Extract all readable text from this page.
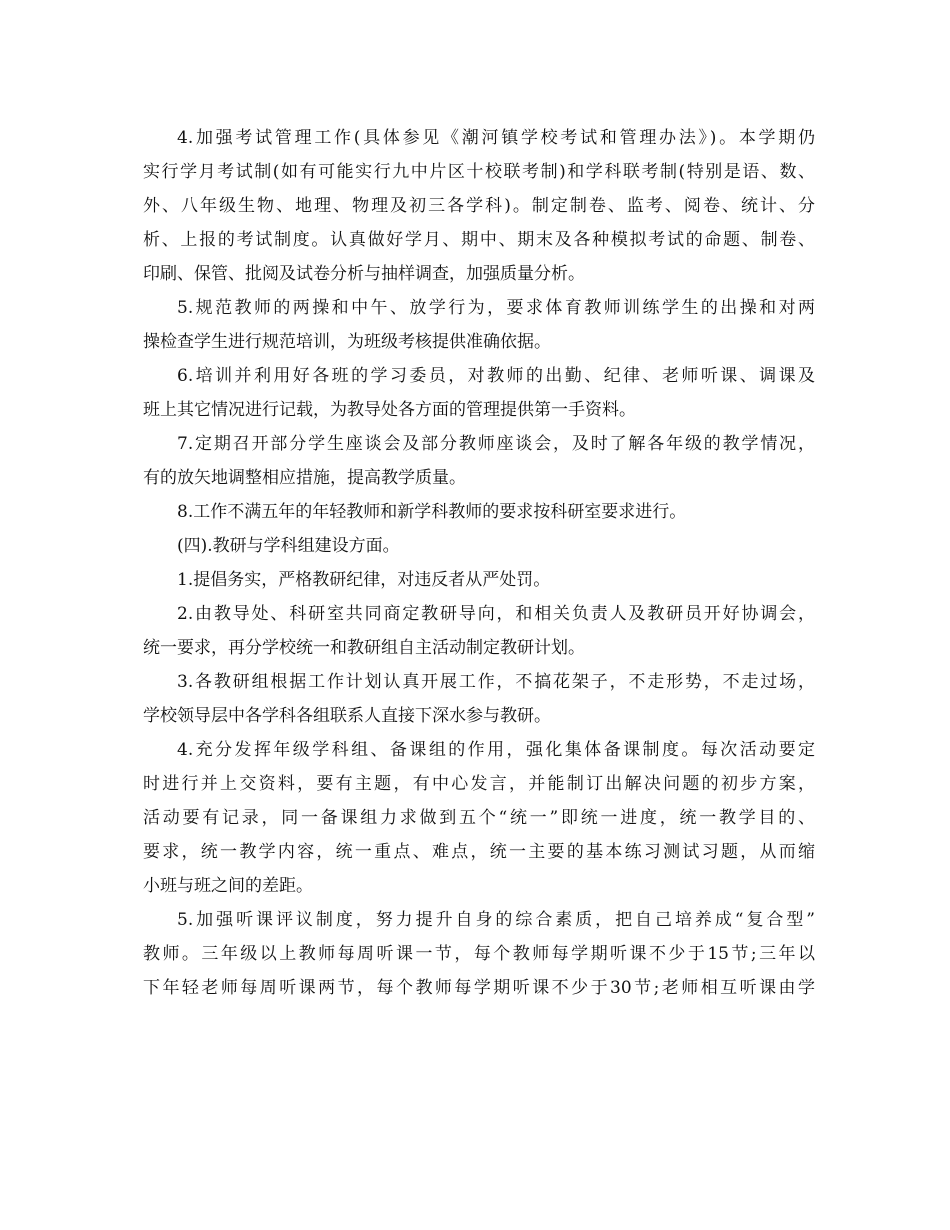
4.加强考试管理工作(具体参见《潮河镇学校考试和管理办法》)。本学期仍
实行学月考试制(如有可能实行九中片区十校联考制)和学科联考制(特别是语、数、
外、八年级生物、地理、物理及初三各学科)。制定制卷、监考、阅卷、统计、分
析、上报的考试制度。认真做好学月、期中、期末及各种模拟考试的命题、制卷、
印刷、保管、批阅及试卷分析与抽样调查，加强质量分析。
5.规范教师的两操和中午、放学行为，要求体育教师训练学生的出操和对两
操检查学生进行规范培训，为班级考核提供准确依据。
6.培训并利用好各班的学习委员，对教师的出勤、纪律、老师听课、调课及
班上其它情况进行记载，为教导处各方面的管理提供第一手资料。
7.定期召开部分学生座谈会及部分教师座谈会，及时了解各年级的教学情况，
有的放矢地调整相应措施，提高教学质量。
8.工作不满五年的年轻教师和新学科教师的要求按科研室要求进行。
(四).教研与学科组建设方面。
1.提倡务实，严格教研纪律，对违反者从严处罚。
2.由教导处、科研室共同商定教研导向，和相关负责人及教研员开好协调会，
统一要求，再分学校统一和教研组自主活动制定教研计划。
3.各教研组根据工作计划认真开展工作，不搞花架子，不走形势，不走过场，
学校领导层中各学科各组联系人直接下深水参与教研。
4.充分发挥年级学科组、备课组的作用，强化集体备课制度。每次活动要定
时进行并上交资料，要有主题，有中心发言，并能制订出解决问题的初步方案，
活动要有记录，同一备课组力求做到五个“统一”即统一进度，统一教学目的、
要求，统一教学内容，统一重点、难点，统一主要的基本练习测试习题，从而缩
小班与班之间的差距。
5.加强听课评议制度，努力提升自身的综合素质，把自己培养成“复合型”
教师。三年级以上教师每周听课一节，每个教师每学期听课不少于15节;三年以
下年轻老师每周听课两节，每个教师每学期听课不少于30节;老师相互听课由学
